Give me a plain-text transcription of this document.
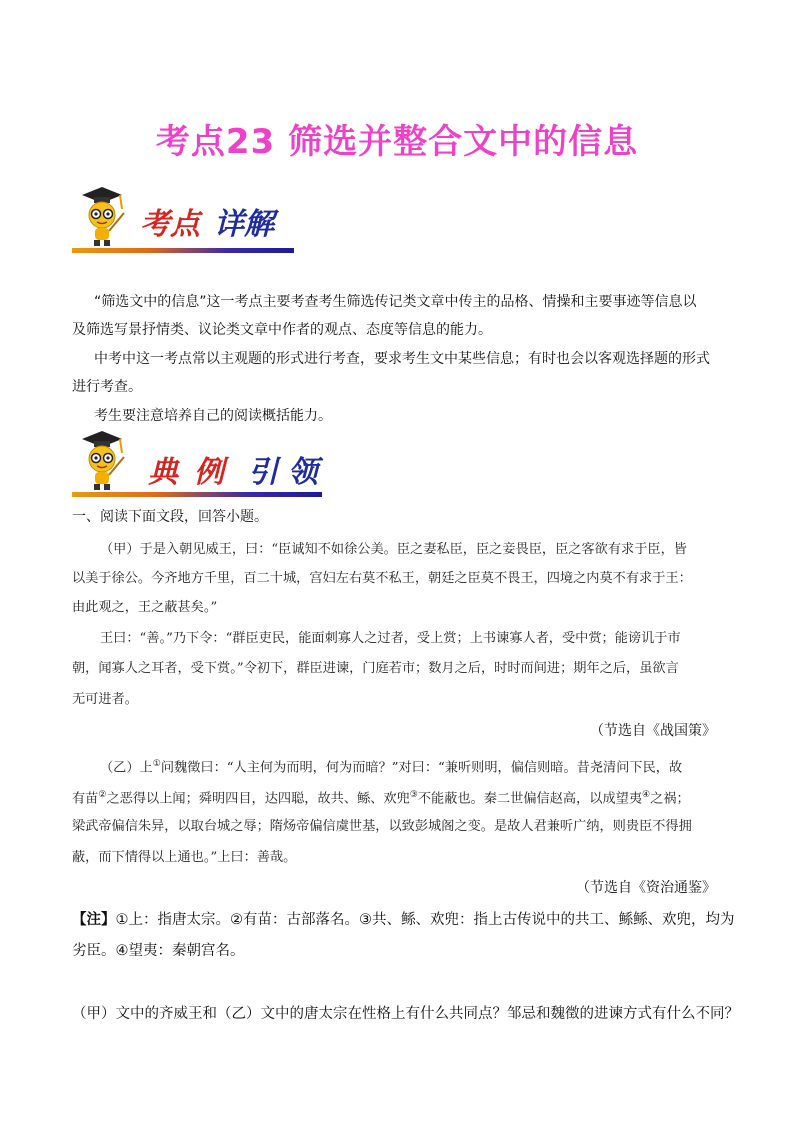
考点23 筛选并整合文中的信息
考点 详解
“筛选文中的信息”这一考点主要考查考生筛选传记类文章中传主的品格、情操和主要事迹等信息以
及筛选写景抒情类、议论类文章中作者的观点、态度等信息的能力。
中考中这一考点常以主观题的形式进行考查，要求考生文中某些信息；有时也会以客观选择题的形式
进行考查。
考生要注意培养自己的阅读概括能力。
典 例 引 领
一、阅读下面文段，回答小题。
（甲）于是入朝见威王，曰：“臣诚知不如徐公美。臣之妻私臣，臣之妾畏臣，臣之客欲有求于臣，皆
以美于徐公。今齐地方千里，百二十城，宫妇左右莫不私王，朝廷之臣莫不畏王，四境之内莫不有求于王：
由此观之，王之蔽甚矣。”
王曰：“善。”乃下令：“群臣吏民，能面刺寡人之过者，受上赏；上书谏寡人者，受中赏；能谤讥于市
朝，闻寡人之耳者，受下赏。”令初下，群臣进谏，门庭若市；数月之后，时时而间进；期年之后，虽欲言
无可进者。
（节选自《战国策》
（乙）上①问魏徵曰：“人主何为而明，何为而暗？”对曰：“兼听则明，偏信则暗。昔尧清问下民，故
有苗②之恶得以上闻；舜明四目，达四聪，故共、鲧、欢兜③不能蔽也。秦二世偏信赵高，以成望夷④之祸；
梁武帝偏信朱异，以取台城之辱；隋炀帝偏信虞世基，以致彭城阁之变。是故人君兼听广纳，则贵臣不得拥
蔽，而下情得以上通也。”上曰：善哉。
（节选自《资治通鉴》
【注】①上：指唐太宗。②有苗：古部落名。③共、鲧、欢兜：指上古传说中的共工、鲧鲧、欢兜，均为
劣臣。④望夷：秦朝宫名。
（甲）文中的齐威王和（乙）文中的唐太宗在性格上有什么共同点？邹忌和魏徵的进谏方式有什么不同？
